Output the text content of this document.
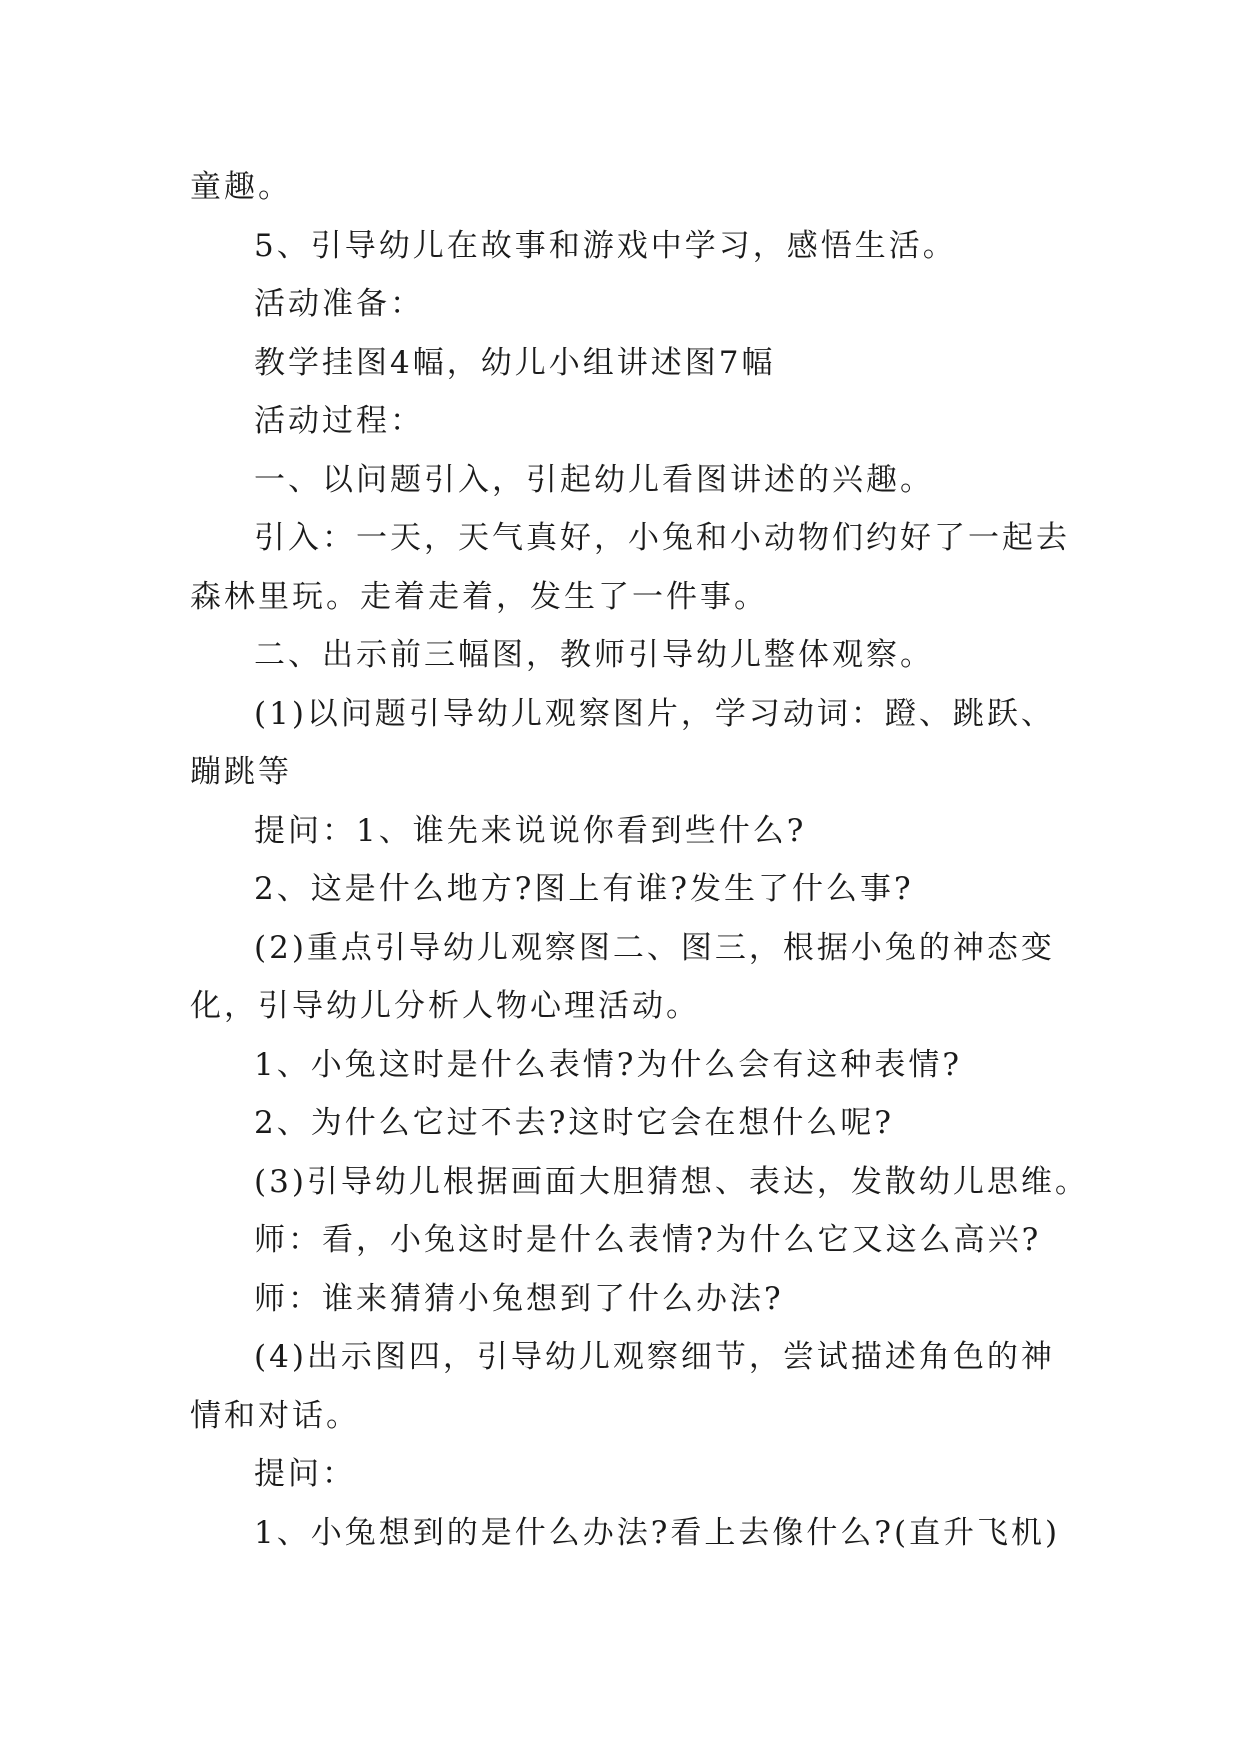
童趣。
5、引导幼儿在故事和游戏中学习，感悟生活。
活动准备：
教学挂图4幅，幼儿小组讲述图7幅
活动过程：
一、以问题引入，引起幼儿看图讲述的兴趣。
引入：一天，天气真好，小兔和小动物们约好了一起去
森林里玩。走着走着，发生了一件事。
二、出示前三幅图，教师引导幼儿整体观察。
(1)以问题引导幼儿观察图片，学习动词：蹬、跳跃、
蹦跳等
提问：1、谁先来说说你看到些什么?
2、这是什么地方?图上有谁?发生了什么事?
(2)重点引导幼儿观察图二、图三，根据小兔的神态变
化，引导幼儿分析人物心理活动。
1、小兔这时是什么表情?为什么会有这种表情?
2、为什么它过不去?这时它会在想什么呢?
(3)引导幼儿根据画面大胆猜想、表达，发散幼儿思维。
师：看，小兔这时是什么表情?为什么它又这么高兴?
师：谁来猜猜小兔想到了什么办法?
(4)出示图四，引导幼儿观察细节，尝试描述角色的神
情和对话。
提问：
1、小兔想到的是什么办法?看上去像什么?(直升飞机)
